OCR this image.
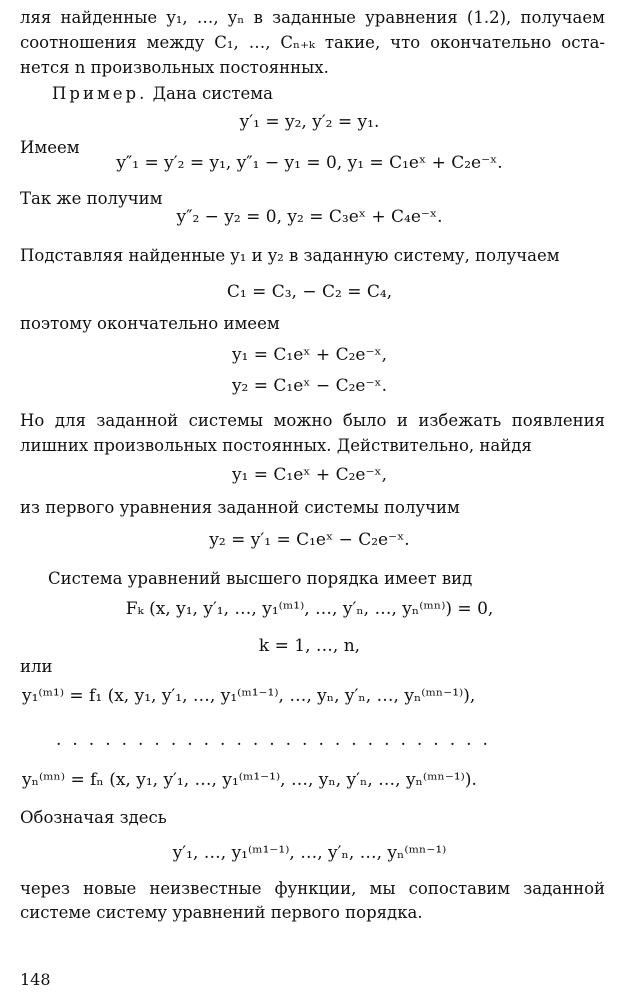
ляя найденные y₁, …, yₙ в заданные уравнения (1.2), получаем
соотношения между C₁, …, Cₙ₊ₖ такие, что окончательно оста-
нется n произвольных постоянных.
Пример. Дана система
y′₁ = y₂, y′₂ = y₁.
Имеем
y″₁ = y′₂ = y₁, y″₁ − y₁ = 0, y₁ = C₁eˣ + C₂e⁻ˣ.
Так же получим
y″₂ − y₂ = 0, y₂ = C₃eˣ + C₄e⁻ˣ.
Подставляя найденные y₁ и y₂ в заданную систему, получаем
C₁ = C₃, − C₂ = C₄,
поэтому окончательно имеем
y₁ = C₁eˣ + C₂e⁻ˣ,
y₂ = C₁eˣ − C₂e⁻ˣ.
Но для заданной системы можно было и избежать появления
лишних произвольных постоянных. Действительно, найдя
y₁ = C₁eˣ + C₂e⁻ˣ,
из первого уравнения заданной системы получим
y₂ = y′₁ = C₁eˣ − C₂e⁻ˣ.
Система уравнений высшего порядка имеет вид
Fₖ (x, y₁, y′₁, …, y₁⁽ᵐ¹⁾, …, y′ₙ, …, yₙ⁽ᵐⁿ⁾) = 0,
k = 1, …, n,
или
y₁⁽ᵐ¹⁾ = f₁ (x, y₁, y′₁, …, y₁⁽ᵐ¹⁻¹⁾, …, yₙ, y′ₙ, …, yₙ⁽ᵐⁿ⁻¹⁾),
...........................
yₙ⁽ᵐⁿ⁾ = fₙ (x, y₁, y′₁, …, y₁⁽ᵐ¹⁻¹⁾, …, yₙ, y′ₙ, …, yₙ⁽ᵐⁿ⁻¹⁾).
Обозначая здесь
y′₁, …, y₁⁽ᵐ¹⁻¹⁾, …, y′ₙ, …, yₙ⁽ᵐⁿ⁻¹⁾
через новые неизвестные функции, мы сопоставим заданной
системе систему уравнений первого порядка.
148
